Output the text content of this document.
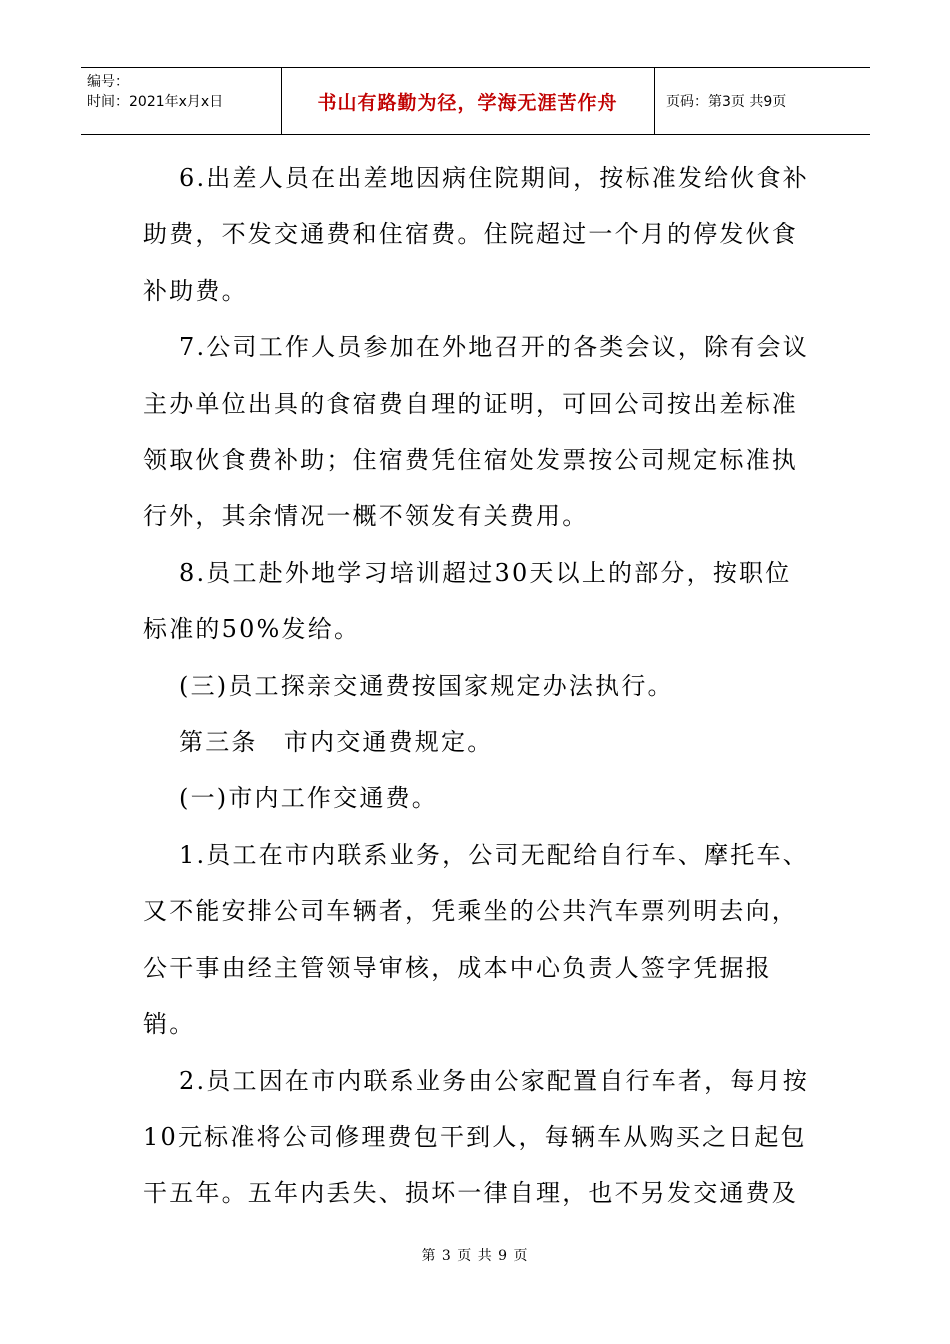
编号：
时间：2021年x月x日	书山有路勤为径，学海无涯苦作舟	页码：第3页 共9页

6.出差人员在出差地因病住院期间，按标准发给伙食补助费，不发交通费和住宿费。住院超过一个月的停发伙食补助费。

7.公司工作人员参加在外地召开的各类会议，除有会议主办单位出具的食宿费自理的证明，可回公司按出差标准领取伙食费补助；住宿费凭住宿处发票按公司规定标准执行外，其余情况一概不领发有关费用。

8.员工赴外地学习培训超过30天以上的部分，按职位标准的50%发给。

(三)员工探亲交通费按国家规定办法执行。

第三条　市内交通费规定。

(一)市内工作交通费。

1.员工在市内联系业务，公司无配给自行车、摩托车、又不能安排公司车辆者，凭乘坐的公共汽车票列明去向，公干事由经主管领导审核，成本中心负责人签字凭据报销。

2.员工因在市内联系业务由公家配置自行车者，每月按10元标准将公司修理费包干到人，每辆车从购买之日起包干五年。五年内丢失、损坏一律自理，也不另发交通费及

第 3 页 共 9 页
